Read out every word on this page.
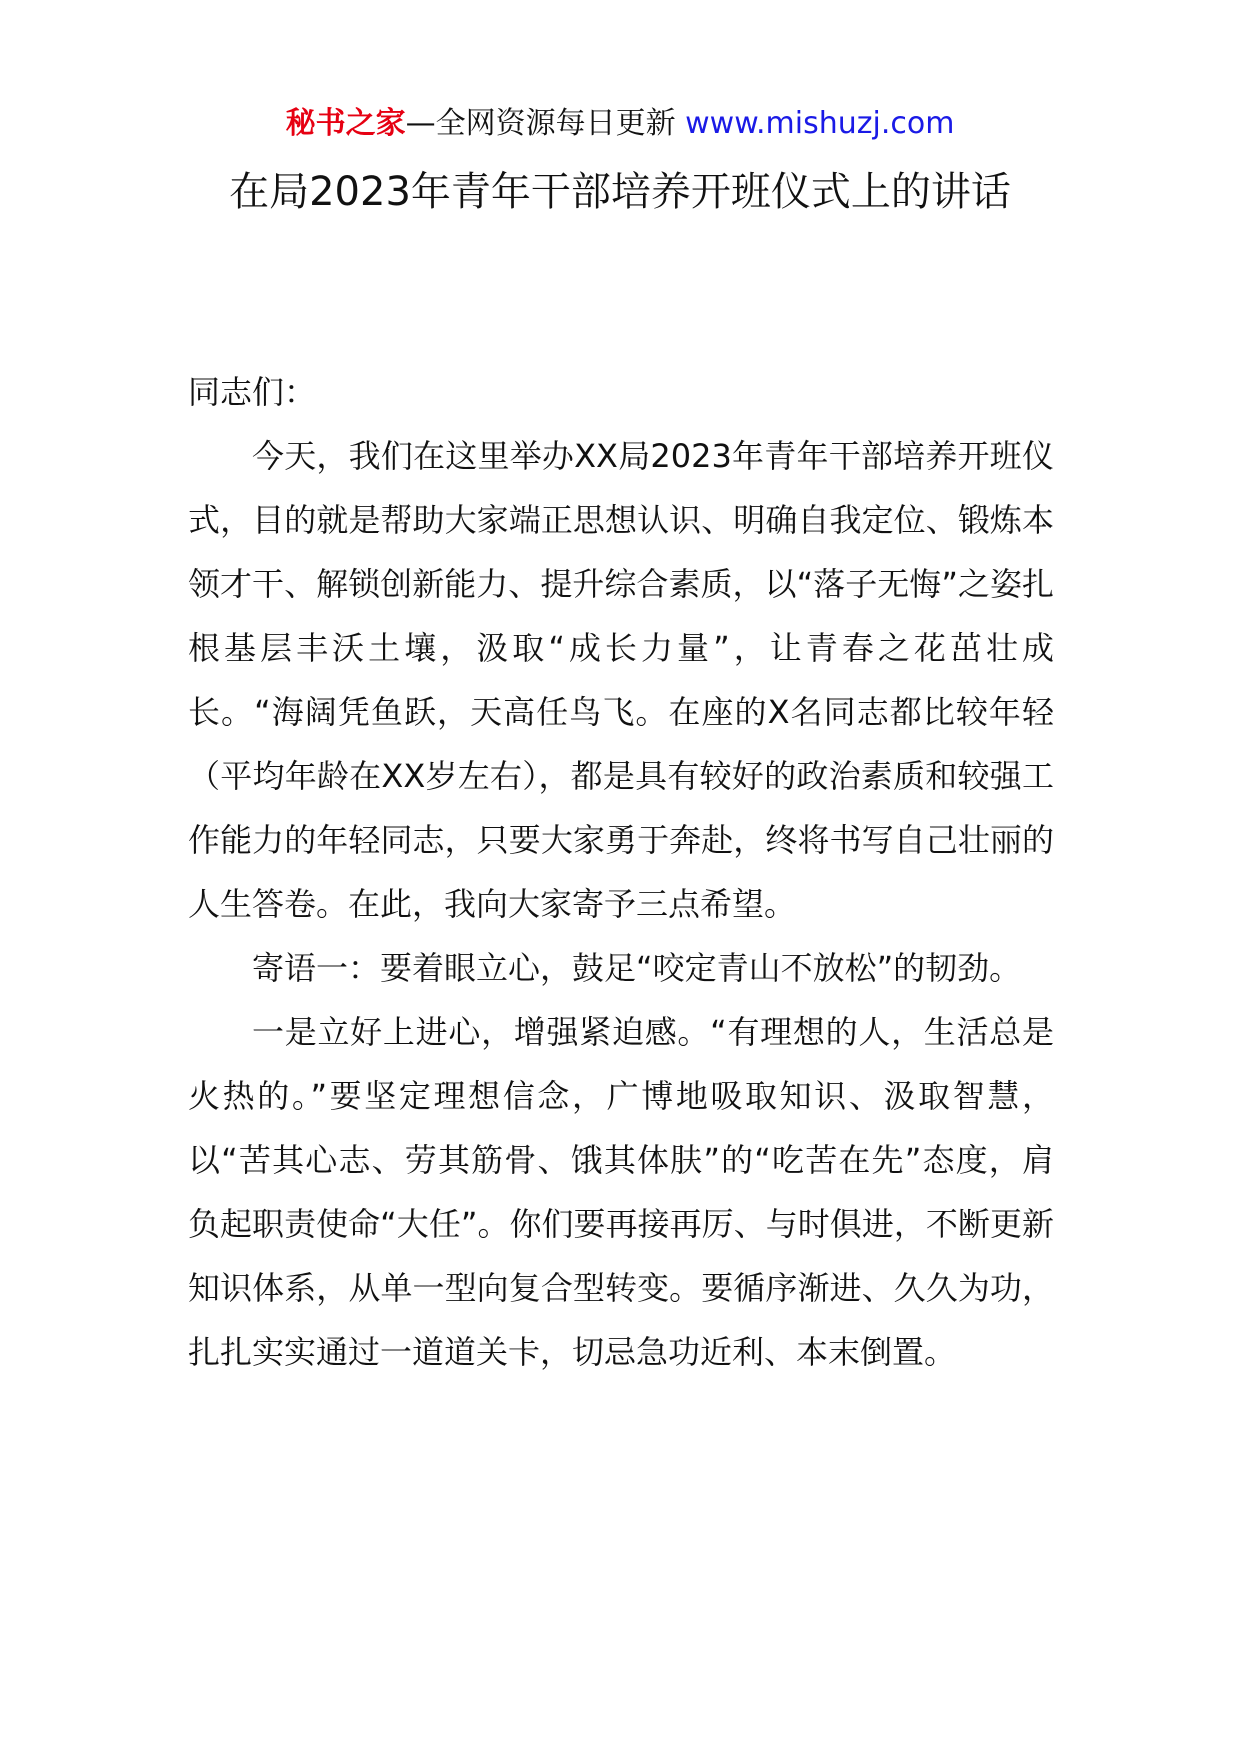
秘书之家—全网资源每日更新 www.mishuzj.com
在局2023年青年干部培养开班仪式上的讲话

同志们：

今天，我们在这里举办XX局2023年青年干部培养开班仪式，目的就是帮助大家端正思想认识、明确自我定位、锻炼本领才干、解锁创新能力、提升综合素质，以“落子无悔”之姿扎根基层丰沃土壤，汲取“成长力量”，让青春之花茁壮成长。“海阔凭鱼跃，天高任鸟飞。在座的X名同志都比较年轻（平均年龄在XX岁左右），都是具有较好的政治素质和较强工作能力的年轻同志，只要大家勇于奔赴，终将书写自己壮丽的人生答卷。在此，我向大家寄予三点希望。

寄语一：要着眼立心，鼓足“咬定青山不放松”的韧劲。

一是立好上进心，增强紧迫感。“有理想的人，生活总是火热的。”要坚定理想信念，广博地吸取知识、汲取智慧，以“苦其心志、劳其筋骨、饿其体肤”的“吃苦在先”态度，肩负起职责使命“大任”。你们要再接再厉、与时俱进，不断更新知识体系，从单一型向复合型转变。要循序渐进、久久为功，扎扎实实通过一道道关卡，切忌急功近利、本末倒置。
